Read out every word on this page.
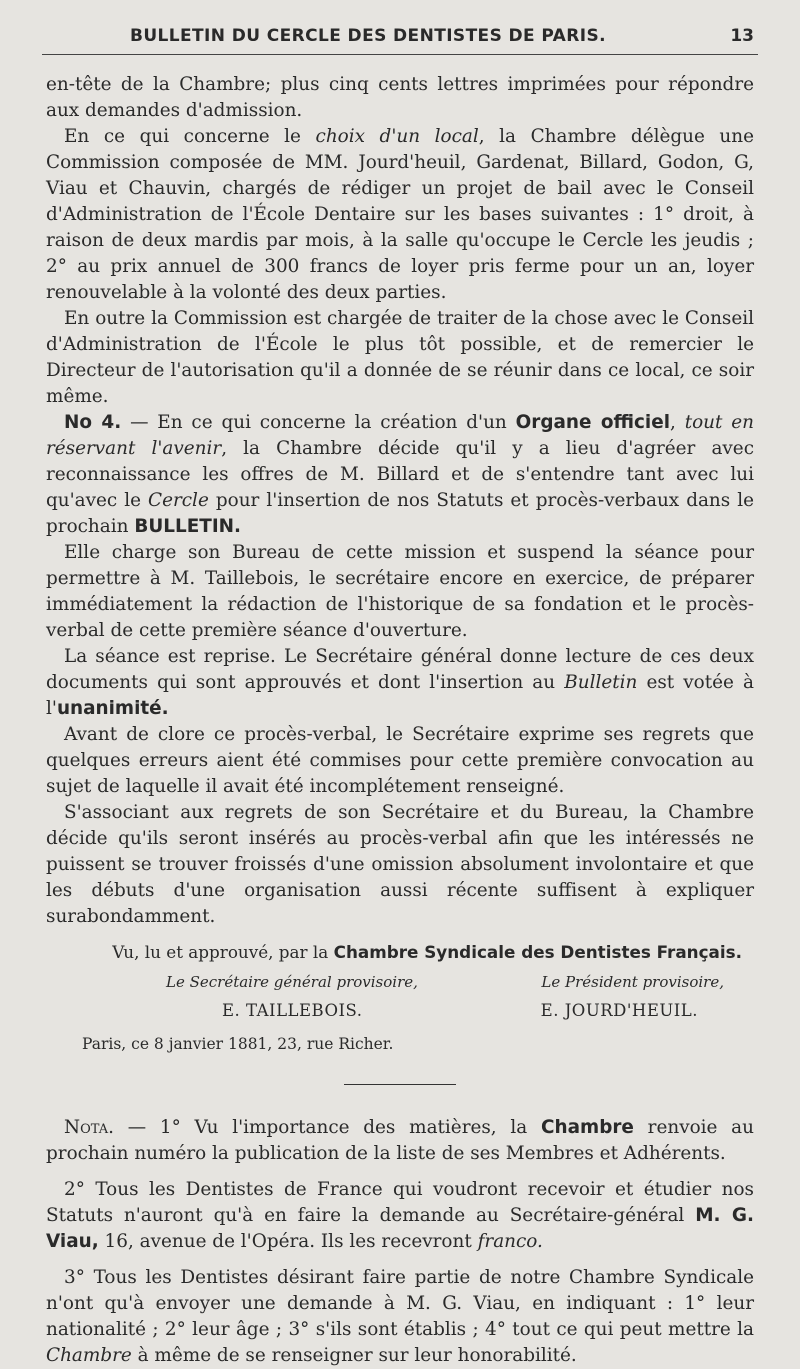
BULLETIN DU CERCLE DES DENTISTES DE PARIS.	13

en-tête de la Chambre; plus cinq cents lettres imprimées pour répondre aux demandes d'admission.

En ce qui concerne le choix d'un local, la Chambre délègue une Commission composée de MM. Jourd'heuil, Gardenat, Billard, Godon, G, Viau et Chauvin, chargés de rédiger un projet de bail avec le Conseil d'Administration de l'École Dentaire sur les bases suivantes : 1° droit, à raison de deux mardis par mois, à la salle qu'occupe le Cercle les jeudis ; 2° au prix annuel de 300 francs de loyer pris ferme pour un an, loyer renouvelable à la volonté des deux parties.

En outre la Commission est chargée de traiter de la chose avec le Conseil d'Administration de l'École le plus tôt possible, et de remercier le Directeur de l'autorisation qu'il a donnée de se réunir dans ce local, ce soir même.

No 4. — En ce qui concerne la création d'un Organe officiel, tout en réservant l'avenir, la Chambre décide qu'il y a lieu d'agréer avec reconnaissance les offres de M. Billard et de s'entendre tant avec lui qu'avec le Cercle pour l'insertion de nos Statuts et procès-verbaux dans le prochain BULLETIN.

Elle charge son Bureau de cette mission et suspend la séance pour permettre à M. Taillebois, le secrétaire encore en exercice, de préparer immédiatement la rédaction de l'historique de sa fondation et le procès-verbal de cette première séance d'ouverture.

La séance est reprise. Le Secrétaire général donne lecture de ces deux documents qui sont approuvés et dont l'insertion au Bulletin est votée à l'unanimité.

Avant de clore ce procès-verbal, le Secrétaire exprime ses regrets que quelques erreurs aient été commises pour cette première convocation au sujet de laquelle il avait été incomplétement renseigné.

S'associant aux regrets de son Secrétaire et du Bureau, la Chambre décide qu'ils seront insérés au procès-verbal afin que les intéressés ne puissent se trouver froissés d'une omission absolument involontaire et que les débuts d'une organisation aussi récente suffisent à expliquer surabondamment.

Vu, lu et approuvé, par la Chambre Syndicale des Dentistes Français.
Le Secrétaire général provisoire,	Le Président provisoire,
E. TAILLEBOIS.	E. JOURD'HEUIL.
Paris, ce 8 janvier 1881, 23, rue Richer.

Nota. — 1° Vu l'importance des matières, la Chambre renvoie au prochain numéro la publication de la liste de ses Membres et Adhérents.

2° Tous les Dentistes de France qui voudront recevoir et étudier nos Statuts n'auront qu'à en faire la demande au Secrétaire-général M. G. Viau, 16, avenue de l'Opéra. Ils les recevront franco.

3° Tous les Dentistes désirant faire partie de notre Chambre Syndicale n'ont qu'à envoyer une demande à M. G. Viau, en indiquant : 1° leur nationalité ; 2° leur âge ; 3° s'ils sont établis ; 4° tout ce qui peut mettre la Chambre à même de se renseigner sur leur honorabilité.
